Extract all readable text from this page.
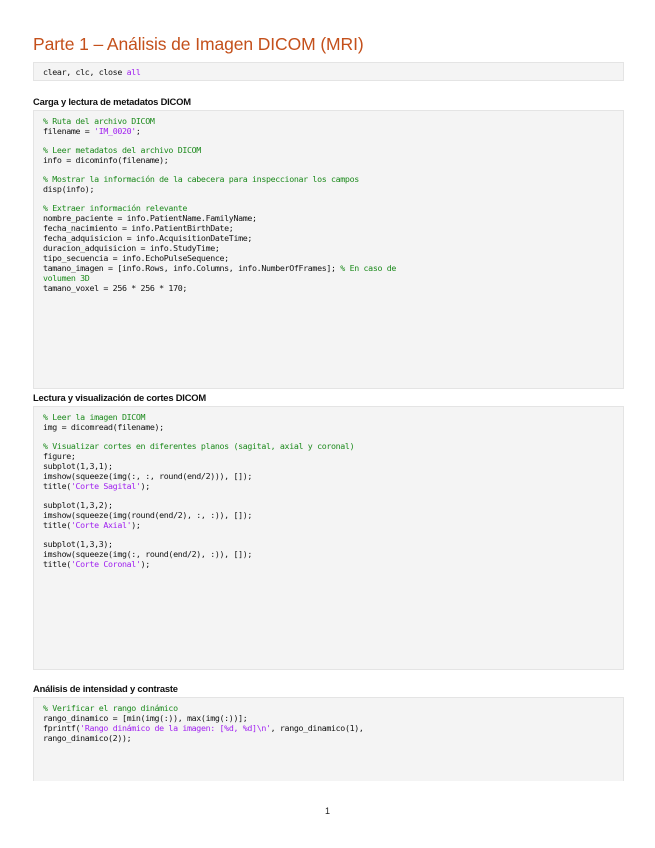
Parte 1 – Análisis de Imagen DICOM (MRI)
clear, clc, close all
Carga y lectura de metadatos DICOM
% Ruta del archivo DICOM
filename = 'IM_0020';
% Leer metadatos del archivo DICOM
info = dicominfo(filename);
% Mostrar la información de la cabecera para inspeccionar los campos
disp(info);
% Extraer información relevante
nombre_paciente = info.PatientName.FamilyName;
fecha_nacimiento = info.PatientBirthDate;
fecha_adquisicion = info.AcquisitionDateTime;
duracion_adquisicion = info.StudyTime;
tipo_secuencia = info.EchoPulseSequence;
tamano_imagen = [info.Rows, info.Columns, info.NumberOfFrames]; % En caso de
volumen 3D
tamano_voxel = 256 * 256 * 170;
Lectura y visualización de cortes DICOM
% Leer la imagen DICOM
img = dicomread(filename);
% Visualizar cortes en diferentes planos (sagital, axial y coronal)
figure;
subplot(1,3,1);
imshow(squeeze(img(:, :, round(end/2))), []);
title('Corte Sagital');
subplot(1,3,2);
imshow(squeeze(img(round(end/2), :, :)), []);
title('Corte Axial');
subplot(1,3,3);
imshow(squeeze(img(:, round(end/2), :)), []);
title('Corte Coronal');
Análisis de intensidad y contraste
% Verificar el rango dinámico
rango_dinamico = [min(img(:)), max(img(:))];
fprintf('Rango dinámico de la imagen: [%d, %d]\n', rango_dinamico(1),
rango_dinamico(2));
1
